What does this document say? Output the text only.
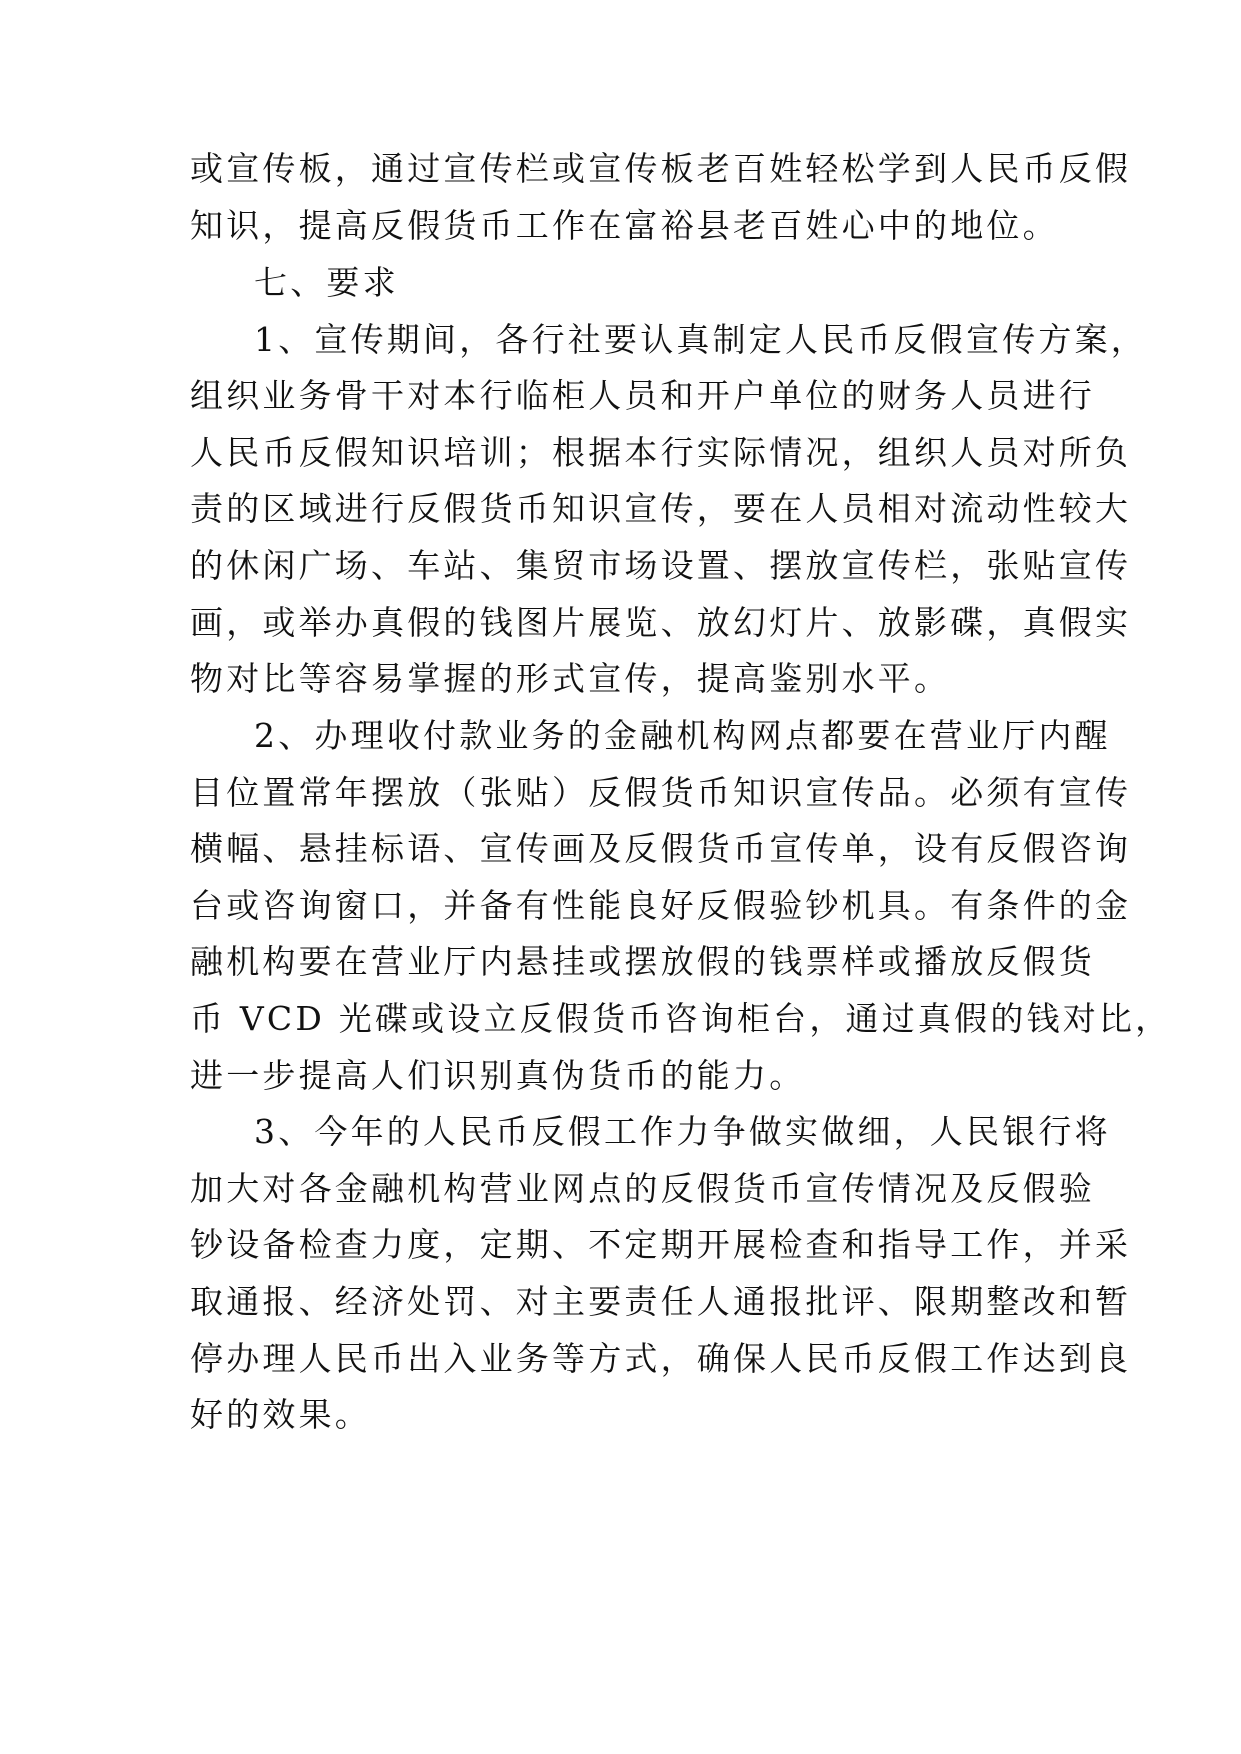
或宣传板，通过宣传栏或宣传板老百姓轻松学到人民币反假
知识，提高反假货币工作在富裕县老百姓心中的地位。
七、要求
1、宣传期间，各行社要认真制定人民币反假宣传方案，
组织业务骨干对本行临柜人员和开户单位的财务人员进行
人民币反假知识培训；根据本行实际情况，组织人员对所负
责的区域进行反假货币知识宣传，要在人员相对流动性较大
的休闲广场、车站、集贸市场设置、摆放宣传栏，张贴宣传
画，或举办真假的钱图片展览、放幻灯片、放影碟，真假实
物对比等容易掌握的形式宣传，提高鉴别水平。
2、办理收付款业务的金融机构网点都要在营业厅内醒
目位置常年摆放（张贴）反假货币知识宣传品。必须有宣传
横幅、悬挂标语、宣传画及反假货币宣传单，设有反假咨询
台或咨询窗口，并备有性能良好反假验钞机具。有条件的金
融机构要在营业厅内悬挂或摆放假的钱票样或播放反假货
币 VCD 光碟或设立反假货币咨询柜台，通过真假的钱对比，
进一步提高人们识别真伪货币的能力。
3、今年的人民币反假工作力争做实做细，人民银行将
加大对各金融机构营业网点的反假货币宣传情况及反假验
钞设备检查力度，定期、不定期开展检查和指导工作，并采
取通报、经济处罚、对主要责任人通报批评、限期整改和暂
停办理人民币出入业务等方式，确保人民币反假工作达到良
好的效果。
